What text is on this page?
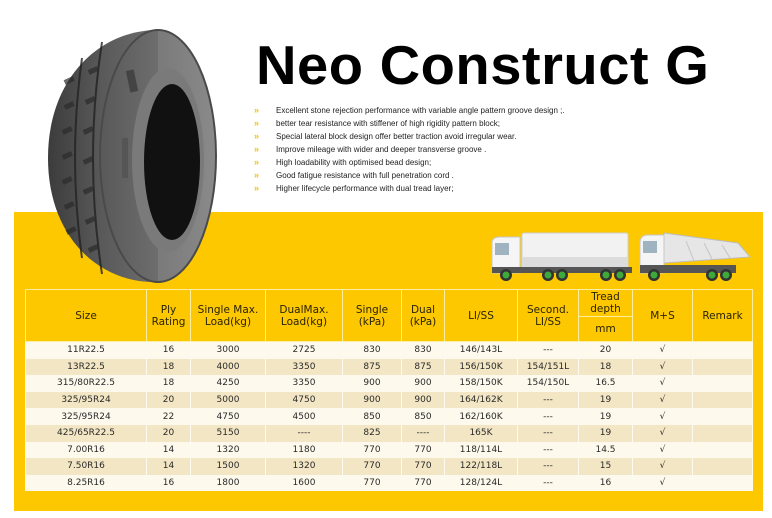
Neo Construct G
»	Excellent stone rejection performance with variable angle pattern groove design ;.
»	better tear resistance with stiffener of high rigidity pattern block;
»	Special lateral block design offer better traction avoid irregular wear.
»	Improve mileage with wider and deeper transverse groove .
»	High loadability with optimised bead design;
»	Good fatigue resistance with full penetration cord .
»	Higher lifecycle performance with dual tread layer;
Size	Ply Rating	Single Max. Load(kg)	DualMax. Load(kg)	Single (kPa)	Dual (kPa)	LI/SS	Second. LI/SS	Tread depth	M+S	Remark
								mm		
11R22.5	16	3000	2725	830	830	146/143L	---	20	√	
13R22.5	18	4000	3350	875	875	156/150K	154/151L	18	√	
315/80R22.5	18	4250	3350	900	900	158/150K	154/150L	16.5	√	
325/95R24	20	5000	4750	900	900	164/162K	---	19	√	
325/95R24	22	4750	4500	850	850	162/160K	---	19	√	
425/65R22.5	20	5150	----	825	----	165K	---	19	√	
7.00R16	14	1320	1180	770	770	118/114L	---	14.5	√	
7.50R16	14	1500	1320	770	770	122/118L	---	15	√	
8.25R16	16	1800	1600	770	770	128/124L	---	16	√	
